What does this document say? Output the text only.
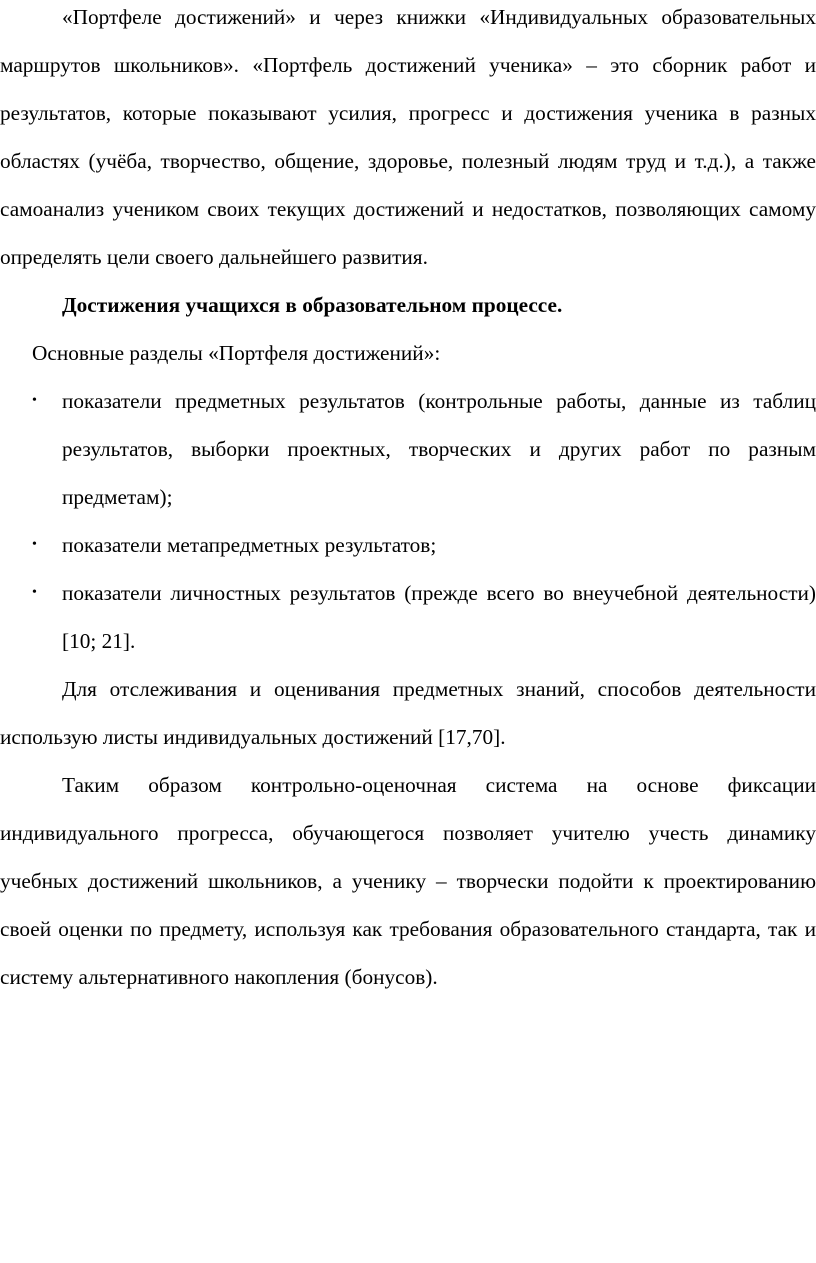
«Портфеле достижений» и через книжки «Индивидуальных образовательных маршрутов школьников». «Портфель достижений ученика» – это сборник работ и результатов, которые показывают усилия, прогресс и достижения ученика в разных областях (учёба, творчество, общение, здоровье, полезный людям труд и т.д.), а также самоанализ учеником своих текущих достижений и недостатков, позволяющих самому определять цели своего дальнейшего развития.

Достижения учащихся в образовательном процессе.

Основные разделы «Портфеля достижений»:

• показатели предметных результатов (контрольные работы, данные из таблиц результатов, выборки проектных, творческих и других работ по разным предметам);
• показатели метапредметных результатов;
• показатели личностных результатов (прежде всего во внеучебной деятельности) [10; 21].

Для отслеживания и оценивания предметных знаний, способов деятельности использую листы индивидуальных достижений [17,70].

Таким образом контрольно-оценочная система на основе фиксации индивидуального прогресса, обучающегося позволяет учителю учесть динамику учебных достижений школьников, а ученику – творчески подойти к проектированию своей оценки по предмету, используя как требования образовательного стандарта, так и систему альтернативного накопления (бонусов).
